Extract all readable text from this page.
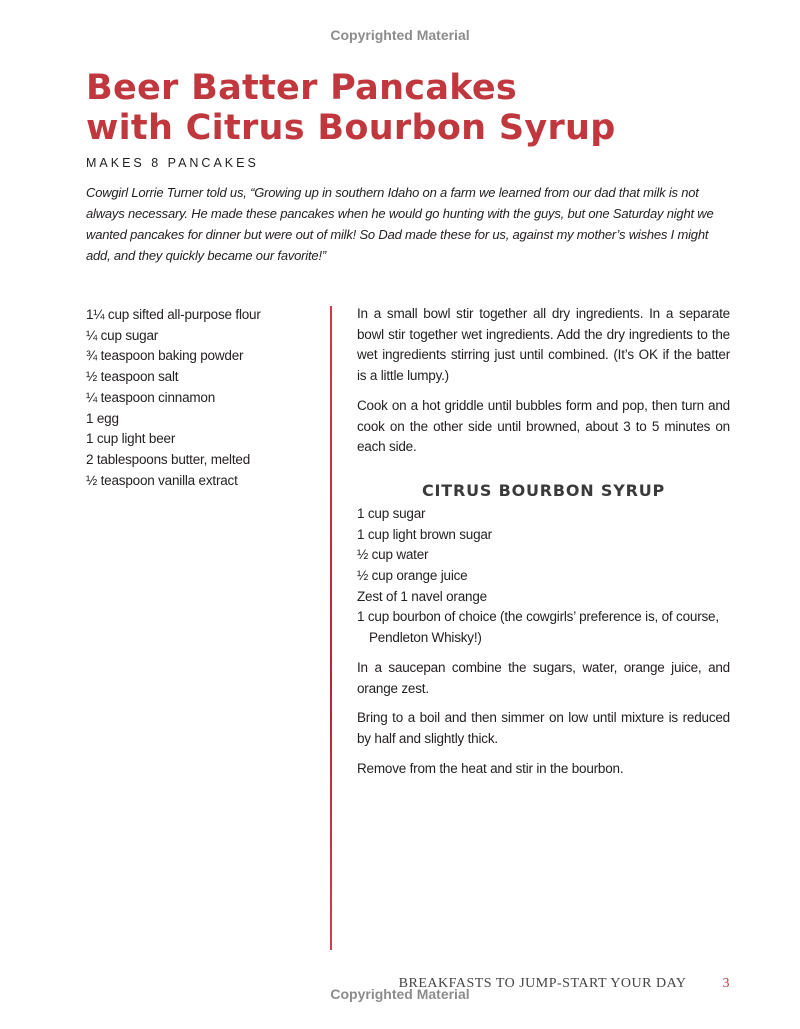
Copyrighted Material
Beer Batter Pancakes
with Citrus Bourbon Syrup
MAKES 8 PANCAKES

Cowgirl Lorrie Turner told us, “Growing up in southern Idaho on a farm we learned from our dad that milk is not always necessary. He made these pancakes when he would go hunting with the guys, but one Saturday night we wanted pancakes for dinner but were out of milk! So Dad made these for us, against my mother’s wishes I might add, and they quickly became our favorite!”

1¼ cup sifted all-purpose flour
¼ cup sugar
¾ teaspoon baking powder
½ teaspoon salt
¼ teaspoon cinnamon
1 egg
1 cup light beer
2 tablespoons butter, melted
½ teaspoon vanilla extract

In a small bowl stir together all dry ingredients. In a separate bowl stir together wet ingredients. Add the dry ingredients to the wet ingredients stirring just until combined. (It’s OK if the batter is a little lumpy.)

Cook on a hot griddle until bubbles form and pop, then turn and cook on the other side until browned, about 3 to 5 minutes on each side.

CITRUS BOURBON SYRUP
1 cup sugar
1 cup light brown sugar
½ cup water
½ cup orange juice
Zest of 1 navel orange
1 cup bourbon of choice (the cowgirls’ preference is, of course, Pendleton Whisky!)

In a saucepan combine the sugars, water, orange juice, and orange zest.

Bring to a boil and then simmer on low until mixture is reduced by half and slightly thick.

Remove from the heat and stir in the bourbon.

BREAKFASTS TO JUMP-START YOUR DAY	3
Copyrighted Material
